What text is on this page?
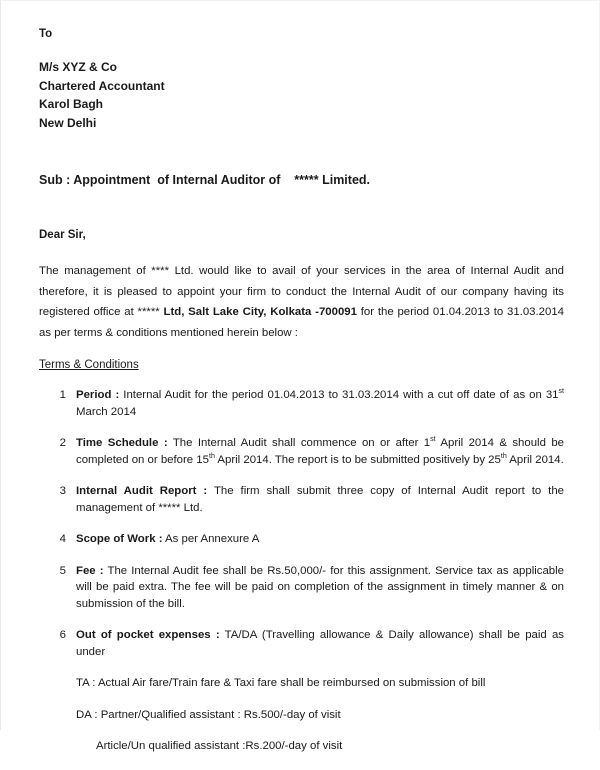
To
M/s XYZ & Co
Chartered Accountant
Karol Bagh
New Delhi
Sub : Appointment  of Internal Auditor of    ***** Limited.
Dear Sir,
The management of **** Ltd. would like to avail of your services in the area of Internal Audit and therefore, it is pleased to appoint your firm to conduct the Internal Audit of our company having its registered office at ***** Ltd, Salt Lake City, Kolkata -700091 for the period 01.04.2013 to 31.03.2014 as per terms & conditions mentioned herein below :
Terms & Conditions
1 Period : Internal Audit for the period 01.04.2013 to 31.03.2014 with a cut off date of as on 31st March 2014
2 Time Schedule : The Internal Audit shall commence on or after 1st April 2014 & should be completed on or before 15th April 2014. The report is to be submitted positively by 25th April 2014.
3 Internal Audit Report : The firm shall submit three copy of Internal Audit report to the management of ***** Ltd.
4 Scope of Work : As per Annexure A
5 Fee : The Internal Audit fee shall be Rs.50,000/- for this assignment. Service tax as applicable will be paid extra. The fee will be paid on completion of the assignment in timely manner & on submission of the bill.
6 Out of pocket expenses : TA/DA (Travelling allowance & Daily allowance) shall be paid as under
TA : Actual Air fare/Train fare & Taxi fare shall be reimbursed on submission of bill
DA : Partner/Qualified assistant : Rs.500/-day of visit
Article/Un qualified assistant :Rs.200/-day of visit
